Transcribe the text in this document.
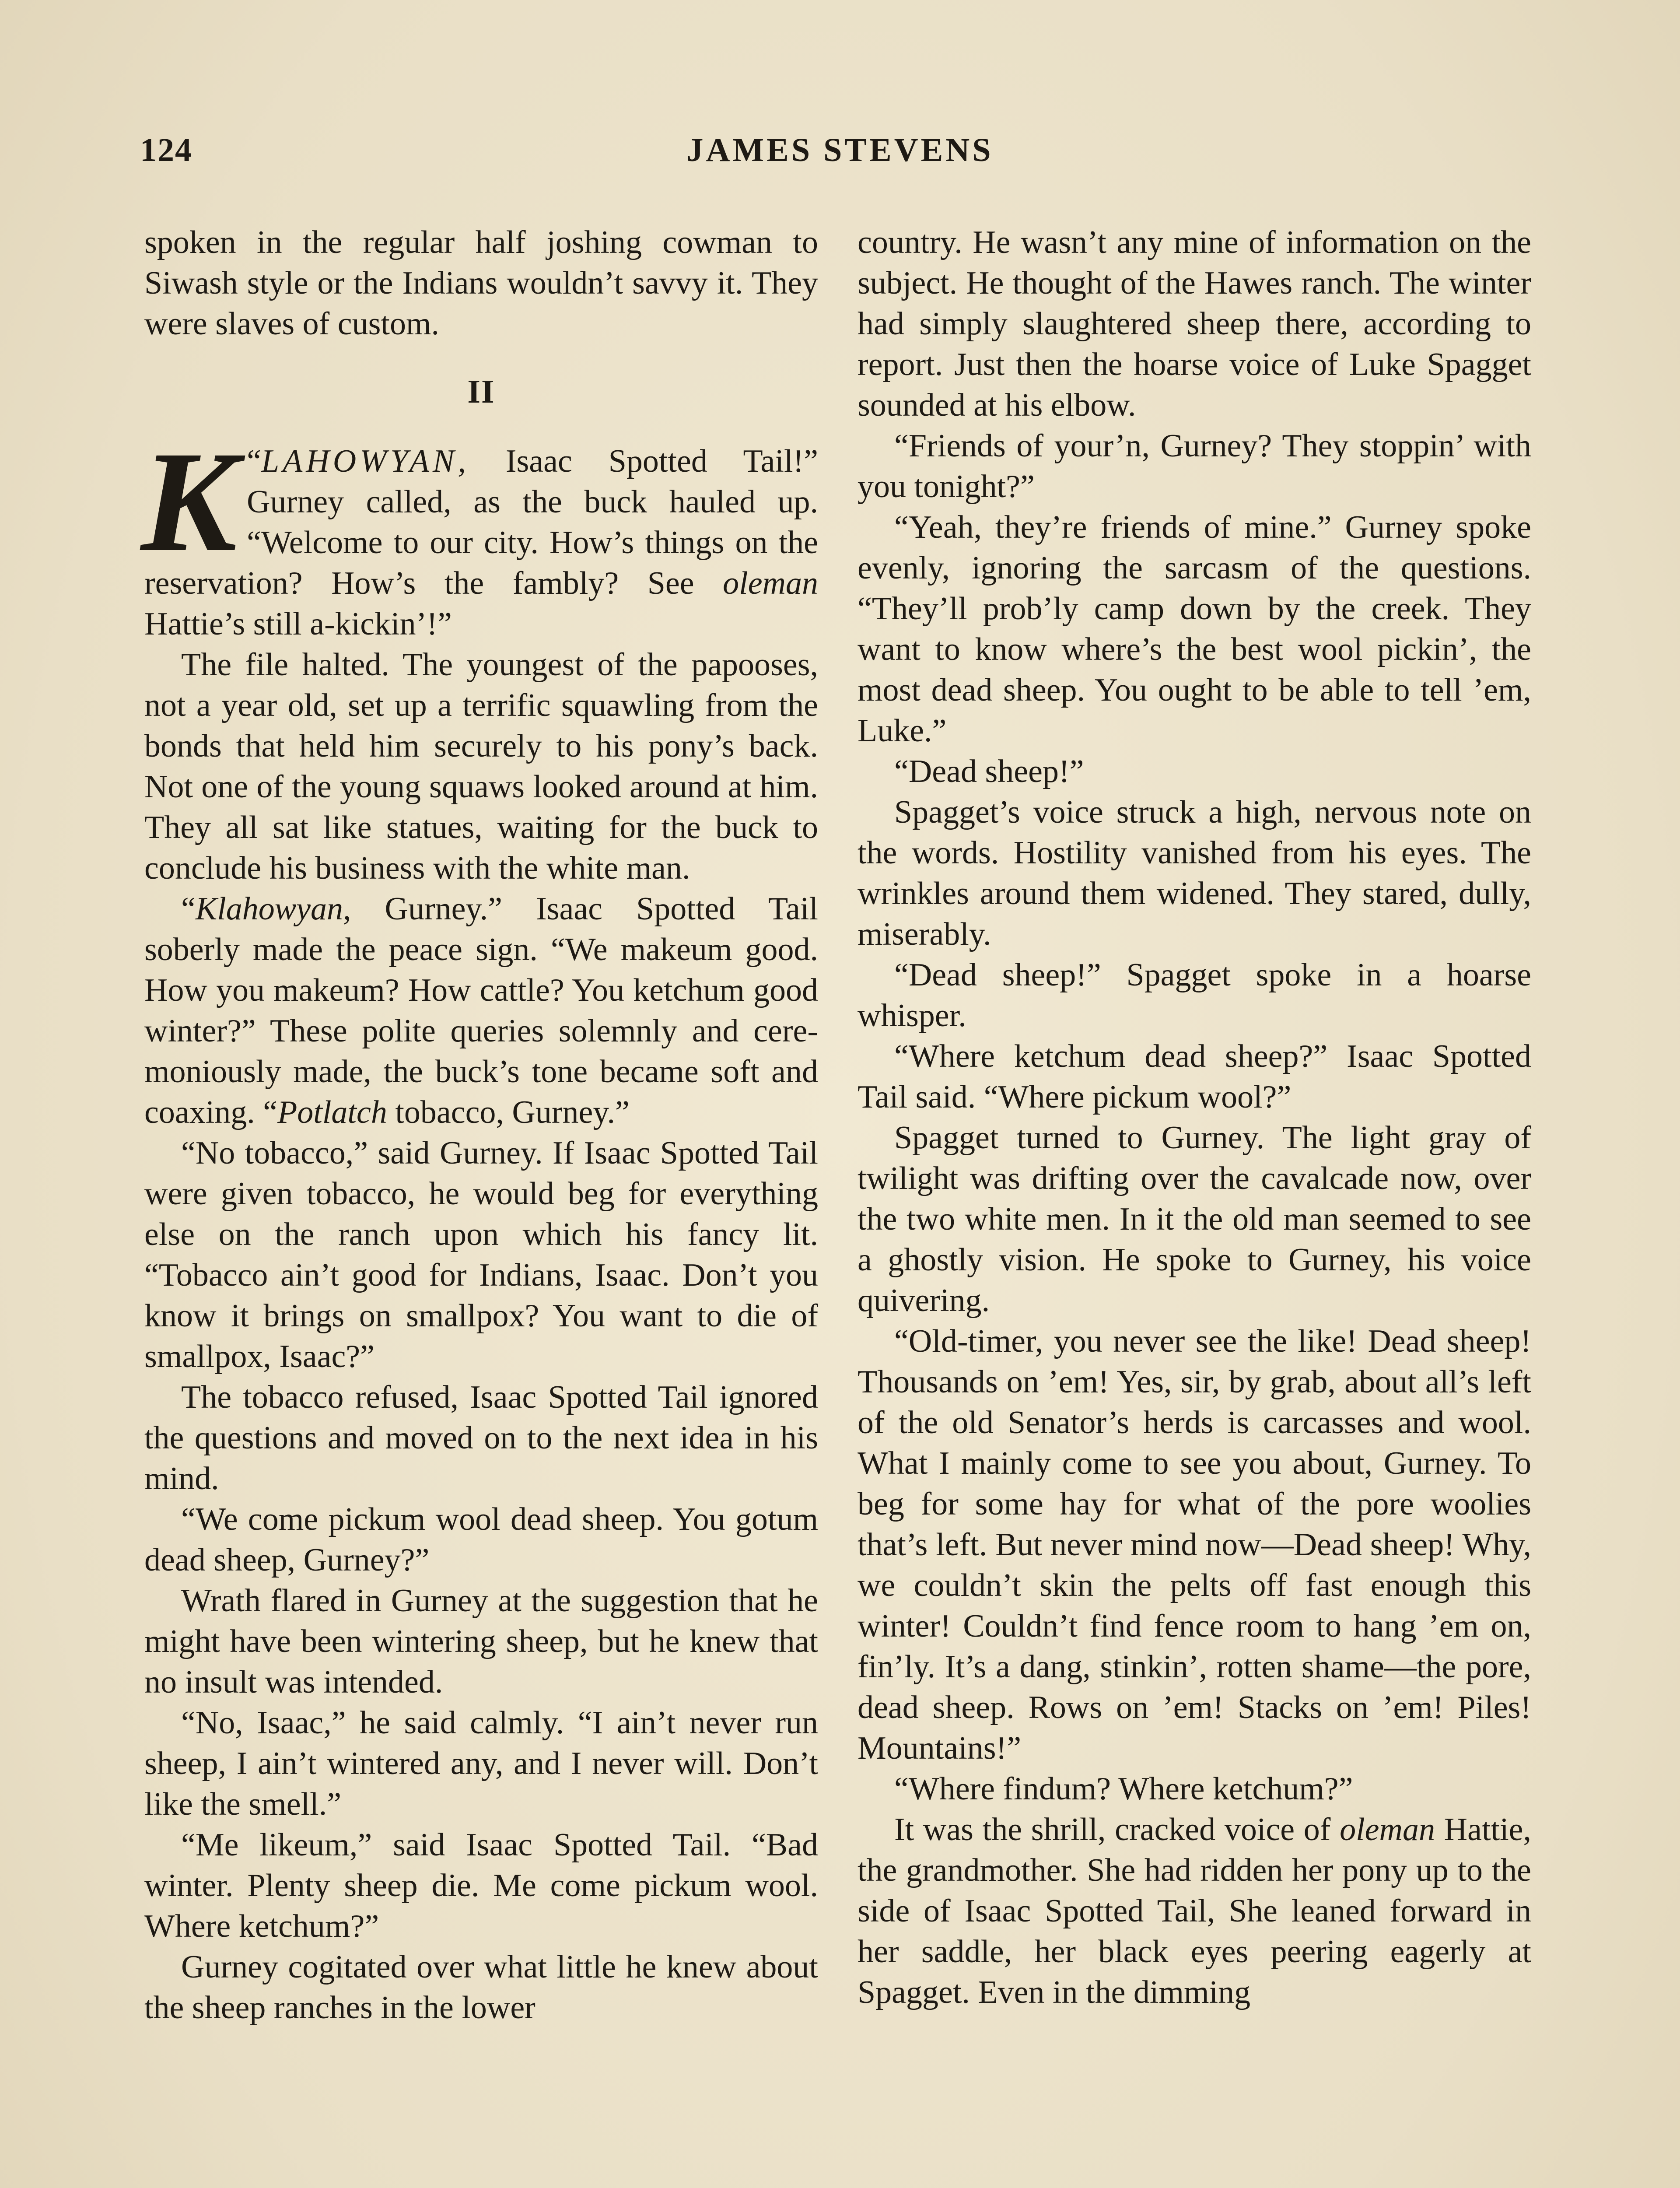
124	JAMES STEVENS

spoken in the regular half joshing cowman to Siwash style or the Indians wouldn’t savvy it. They were slaves of custom.

II

“
K LAHOWYAN, Isaac Spotted Tail!” Gurney called, as the buck hauled up. “Welcome to our city. How’s things on the reservation? How’s the fambly? See oleman Hattie’s still a-kickin’!”

The file halted. The youngest of the papooses, not a year old, set up a terrific squawling from the bonds that held him securely to his pony’s back. Not one of the young squaws looked around at him. They all sat like statues, waiting for the buck to conclude his business with the white man.

“Klahowyan, Gurney.” Isaac Spotted Tail soberly made the peace sign. “We makeum good. How you makeum? How cattle? You ketchum good winter?” These polite queries solemnly and ceremoniously made, the buck’s tone became soft and coaxing. “Potlatch tobacco, Gurney.”

“No tobacco,” said Gurney. If Isaac Spotted Tail were given tobacco, he would beg for everything else on the ranch upon which his fancy lit. “Tobacco ain’t good for Indians, Isaac. Don’t you know it brings on smallpox? You want to die of smallpox, Isaac?”

The tobacco refused, Isaac Spotted Tail ignored the questions and moved on to the next idea in his mind.

“We come pickum wool dead sheep. You gotum dead sheep, Gurney?”

Wrath flared in Gurney at the suggestion that he might have been wintering sheep, but he knew that no insult was intended.

“No, Isaac,” he said calmly. “I ain’t never run sheep, I ain’t wintered any, and I never will. Don’t like the smell.”

“Me likeum,” said Isaac Spotted Tail. “Bad winter. Plenty sheep die. Me come pickum wool. Where ketchum?”

Gurney cogitated over what little he knew about the sheep ranches in the lower

country. He wasn’t any mine of information on the subject. He thought of the Hawes ranch. The winter had simply slaughtered sheep there, according to report. Just then the hoarse voice of Luke Spagget sounded at his elbow.

“Friends of your’n, Gurney? They stoppin’ with you tonight?”

“Yeah, they’re friends of mine.” Gurney spoke evenly, ignoring the sarcasm of the questions. “They’ll prob’ly camp down by the creek. They want to know where’s the best wool pickin’, the most dead sheep. You ought to be able to tell ’em, Luke.”

“Dead sheep!”

Spagget’s voice struck a high, nervous note on the words. Hostility vanished from his eyes. The wrinkles around them widened. They stared, dully, miserably.

“Dead sheep!” Spagget spoke in a hoarse whisper.

“Where ketchum dead sheep?” Isaac Spotted Tail said. “Where pickum wool?”

Spagget turned to Gurney. The light gray of twilight was drifting over the cavalcade now, over the two white men. In it the old man seemed to see a ghostly vision. He spoke to Gurney, his voice quivering.

“Old-timer, you never see the like! Dead sheep! Thousands on ’em! Yes, sir, by grab, about all’s left of the old Senator’s herds is carcasses and wool. What I mainly come to see you about, Gurney. To beg for some hay for what of the pore woolies that’s left. But never mind now—Dead sheep! Why, we couldn’t skin the pelts off fast enough this winter! Couldn’t find fence room to hang ’em on, fin’ly. It’s a dang, stinkin’, rotten shame—the pore, dead sheep. Rows on ’em! Stacks on ’em! Piles! Mountains!”

“Where findum? Where ketchum?”

It was the shrill, cracked voice of oleman Hattie, the grandmother. She had ridden her pony up to the side of Isaac Spotted Tail, She leaned forward in her saddle, her black eyes peering eagerly at Spagget. Even in the dimming
